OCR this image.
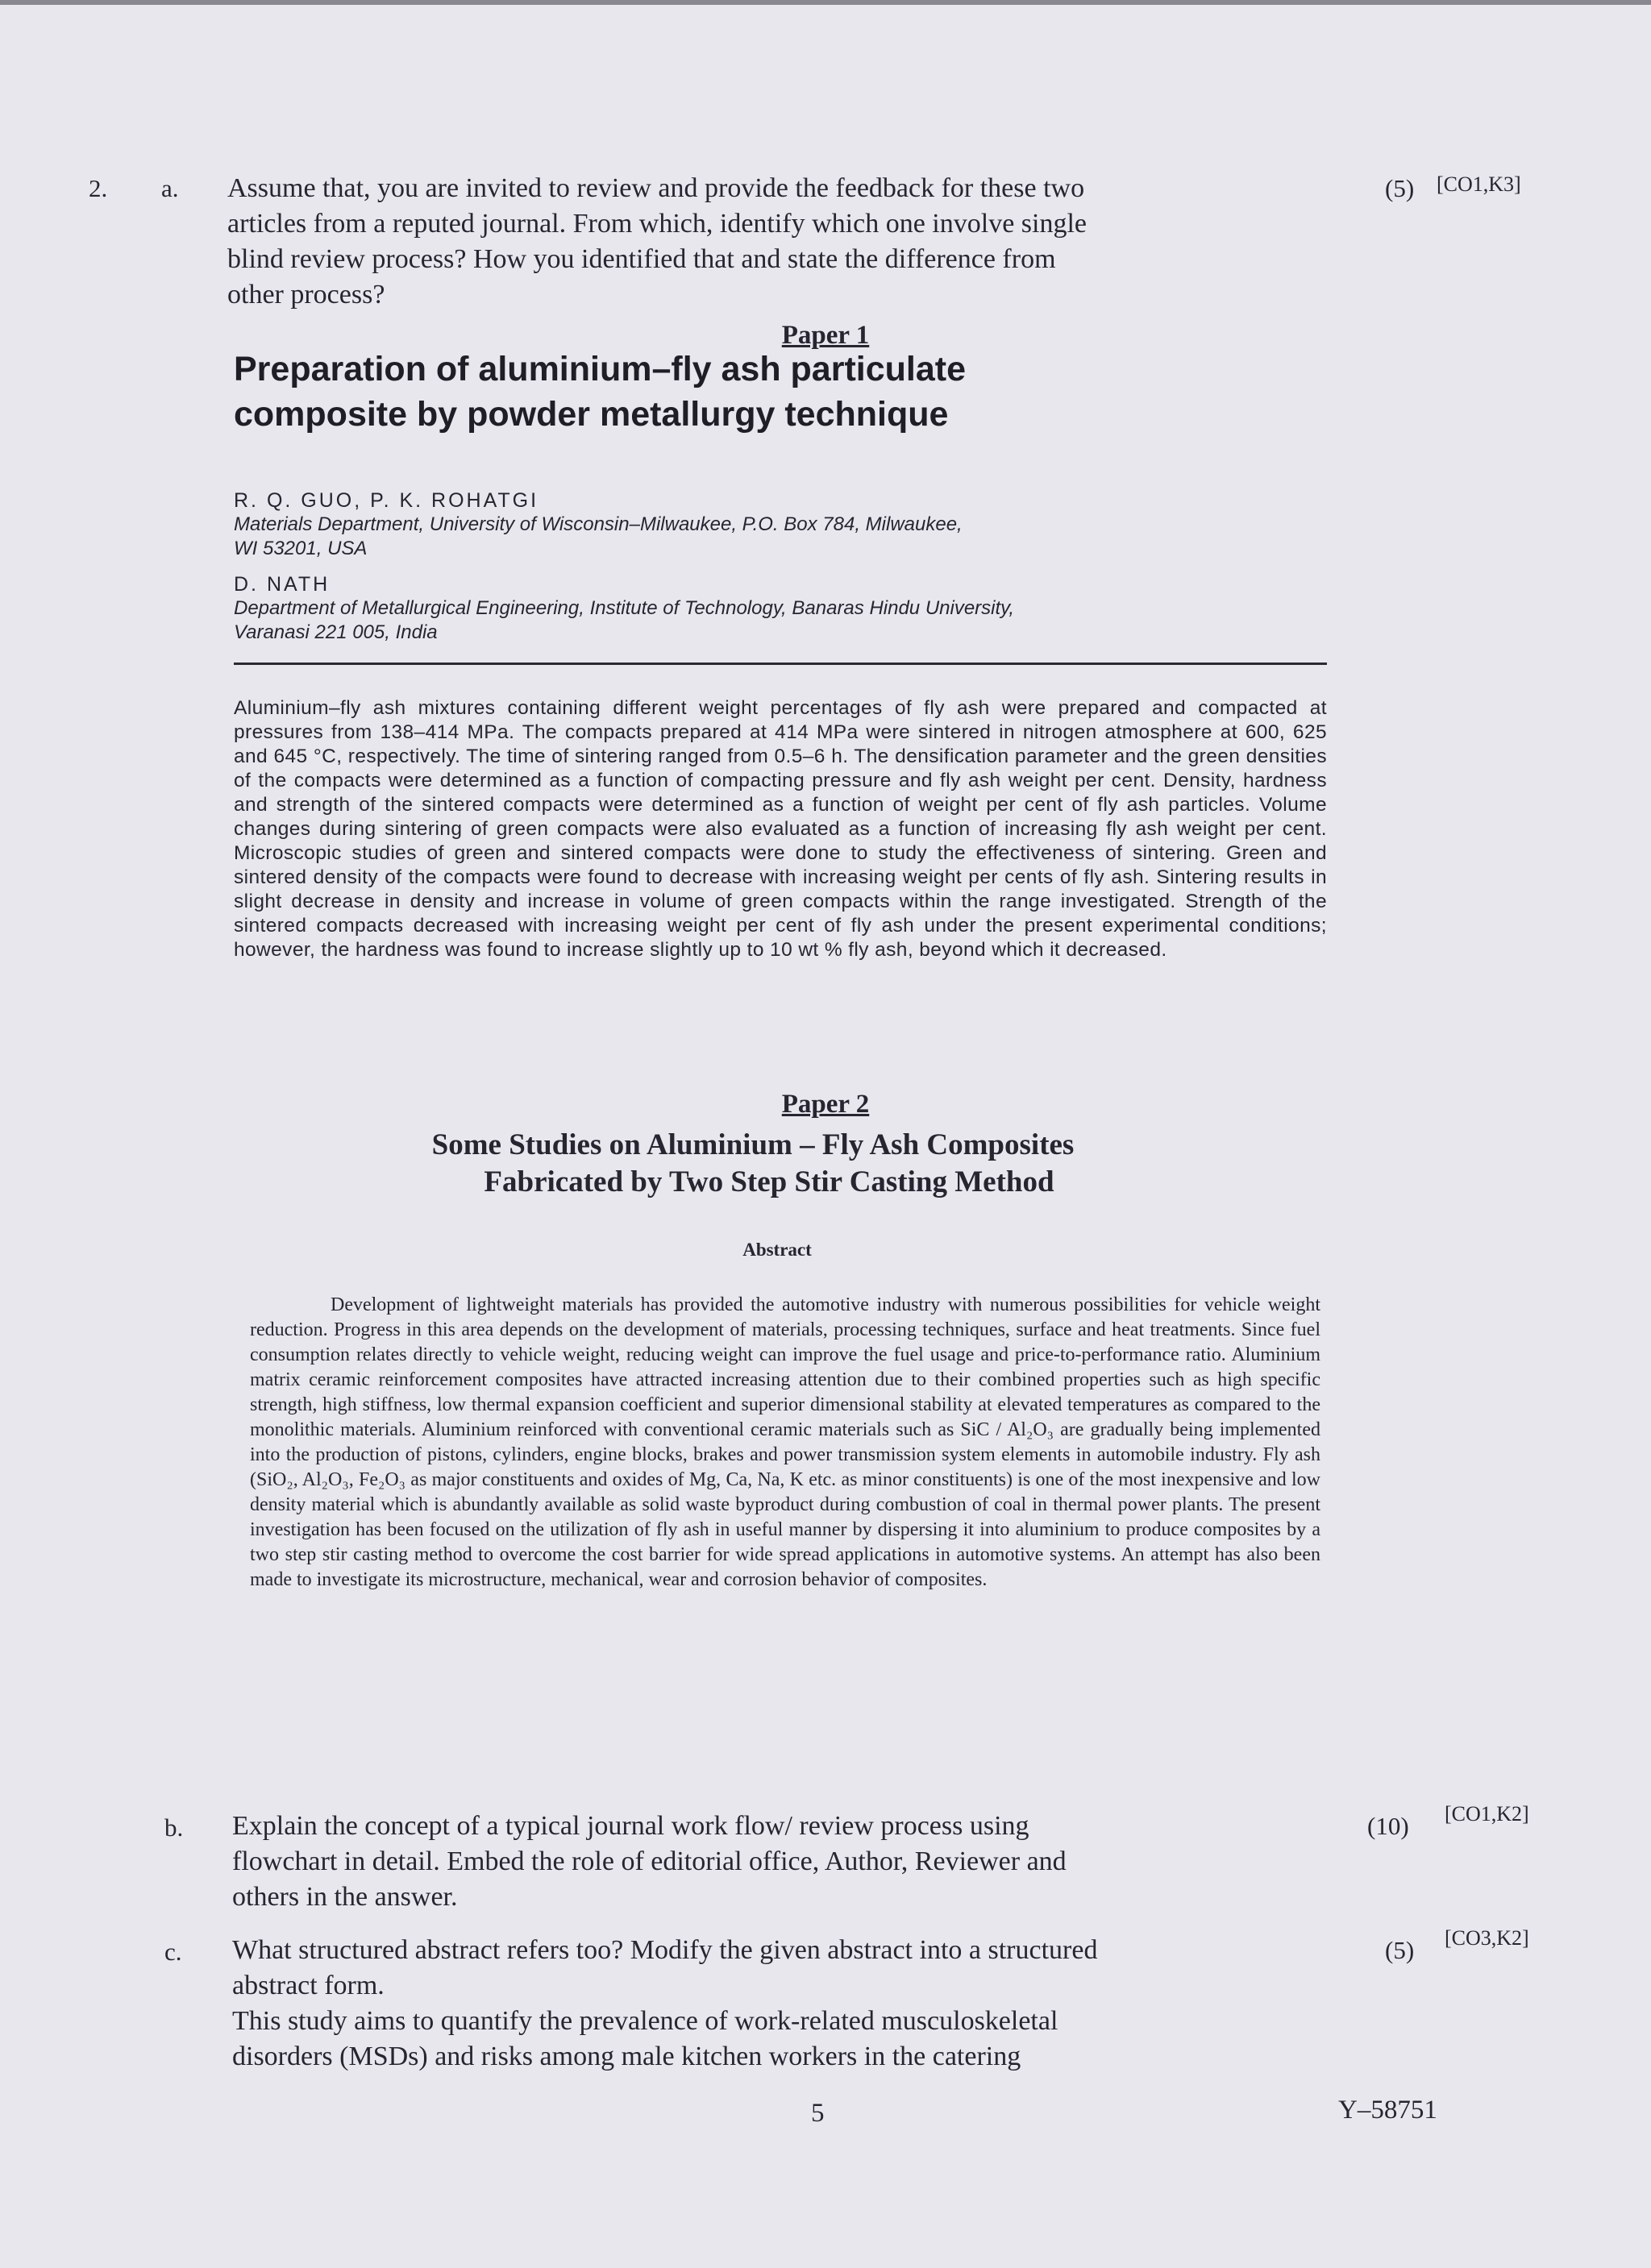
2. a. Assume that, you are invited to review and provide the feedback for these two
articles from a reputed journal. From which, identify which one involve single
blind review process? How you identified that and state the difference from
other process?
(5) [CO1,K3]
Paper 1
Preparation of aluminium–fly ash particulate
composite by powder metallurgy technique
R. Q. GUO, P. K. ROHATGI
Materials Department, University of Wisconsin–Milwaukee, P.O. Box 784, Milwaukee,
WI 53201, USA
D. NATH
Department of Metallurgical Engineering, Institute of Technology, Banaras Hindu University,
Varanasi 221 005, India
Aluminium–fly ash mixtures containing different weight percentages of fly ash were prepared and compacted at pressures from 138–414 MPa. The compacts prepared at 414 MPa were sintered in nitrogen atmosphere at 600, 625 and 645 °C, respectively. The time of sintering ranged from 0.5–6 h. The densification parameter and the green densities of the compacts were determined as a function of compacting pressure and fly ash weight per cent. Density, hardness and strength of the sintered compacts were determined as a function of weight per cent of fly ash particles. Volume changes during sintering of green compacts were also evaluated as a function of increasing fly ash weight per cent. Microscopic studies of green and sintered compacts were done to study the effectiveness of sintering. Green and sintered density of the compacts were found to decrease with increasing weight per cents of fly ash. Sintering results in slight decrease in density and increase in volume of green compacts within the range investigated. Strength of the sintered compacts decreased with increasing weight per cent of fly ash under the present experimental conditions; however, the hardness was found to increase slightly up to 10 wt % fly ash, beyond which it decreased.
Paper 2
Some Studies on Aluminium – Fly Ash Composites
Fabricated by Two Step Stir Casting Method
Abstract
Development of lightweight materials has provided the automotive industry with numerous possibilities for vehicle weight reduction. Progress in this area depends on the development of materials, processing techniques, surface and heat treatments. Since fuel consumption relates directly to vehicle weight, reducing weight can improve the fuel usage and price-to-performance ratio. Aluminium matrix ceramic reinforcement composites have attracted increasing attention due to their combined properties such as high specific strength, high stiffness, low thermal expansion coefficient and superior dimensional stability at elevated temperatures as compared to the monolithic materials. Aluminium reinforced with conventional ceramic materials such as SiC / Al₂O₃ are gradually being implemented into the production of pistons, cylinders, engine blocks, brakes and power transmission system elements in automobile industry. Fly ash (SiO₂, Al₂O₃, Fe₂O₃ as major constituents and oxides of Mg, Ca, Na, K etc. as minor constituents) is one of the most inexpensive and low density material which is abundantly available as solid waste byproduct during combustion of coal in thermal power plants. The present investigation has been focused on the utilization of fly ash in useful manner by dispersing it into aluminium to produce composites by a two step stir casting method to overcome the cost barrier for wide spread applications in automotive systems. An attempt has also been made to investigate its microstructure, mechanical, wear and corrosion behavior of composites.
b. Explain the concept of a typical journal work flow/ review process using
flowchart in detail. Embed the role of editorial office, Author, Reviewer and
others in the answer.
(10) [CO1,K2]
c. What structured abstract refers too? Modify the given abstract into a structured
abstract form.
This study aims to quantify the prevalence of work-related musculoskeletal
disorders (MSDs) and risks among male kitchen workers in the catering
(5) [CO3,K2]
5	Y–58751
